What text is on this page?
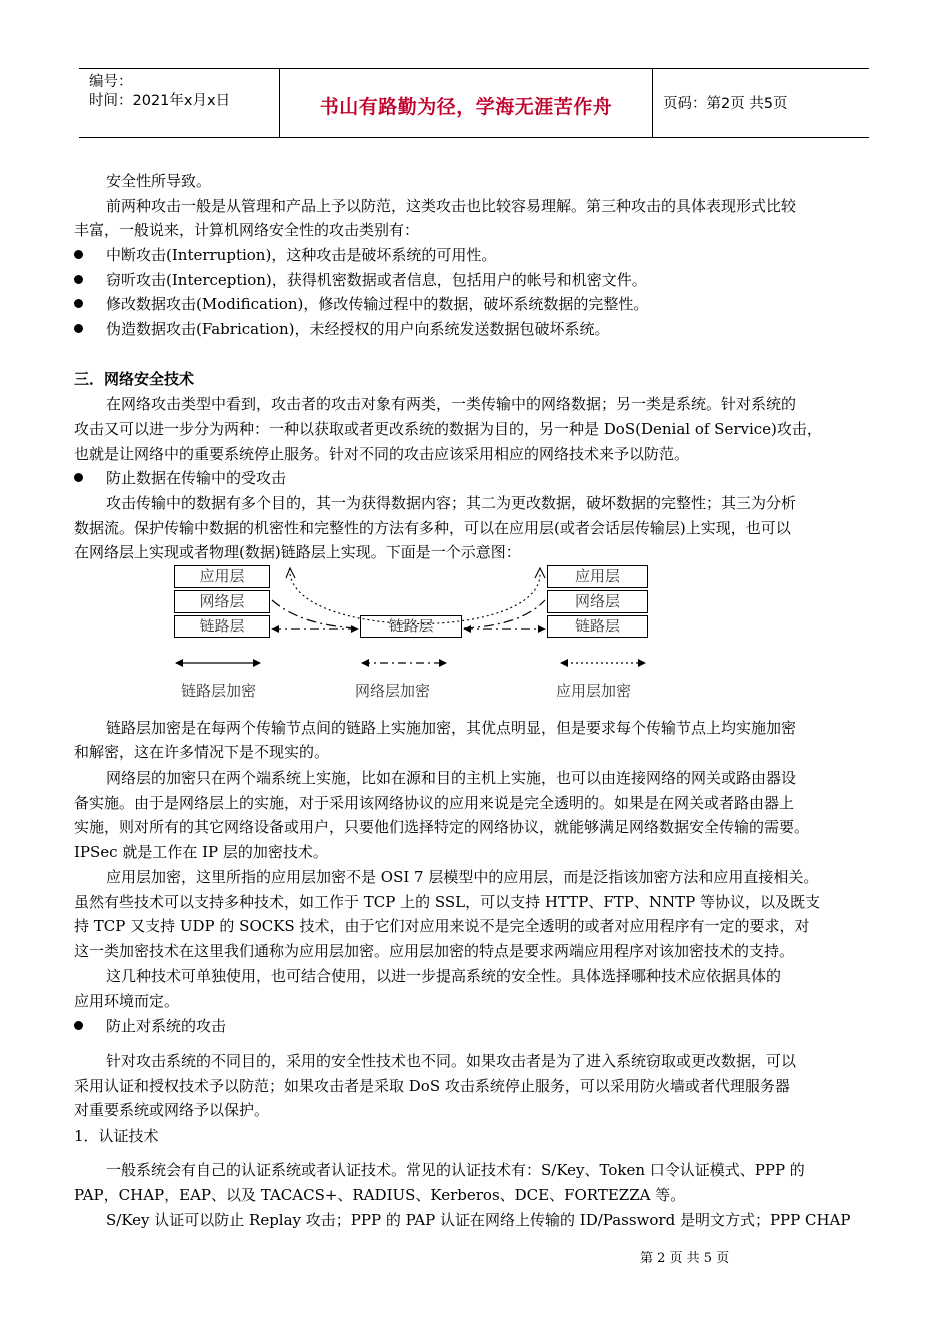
编号：
时间：2021年x月x日	书山有路勤为径，学海无涯苦作舟	页码：第2页 共5页
安全性所导致。
前两种攻击一般是从管理和产品上予以防范，这类攻击也比较容易理解。第三种攻击的具体表现形式比较
丰富，一般说来，计算机网络安全性的攻击类别有：
中断攻击(Interruption)，这种攻击是破坏系统的可用性。
窃听攻击(Interception)，获得机密数据或者信息，包括用户的帐号和机密文件。
修改数据攻击(Modification)，修改传输过程中的数据，破坏系统数据的完整性。
伪造数据攻击(Fabrication)，未经授权的用户向系统发送数据包破坏系统。
三．网络安全技术
在网络攻击类型中看到，攻击者的攻击对象有两类，一类传输中的网络数据；另一类是系统。针对系统的
攻击又可以进一步分为两种：一种以获取或者更改系统的数据为目的，另一种是 DoS(Denial of Service)攻击，
也就是让网络中的重要系统停止服务。针对不同的攻击应该采用相应的网络技术来予以防范。
防止数据在传输中的受攻击
攻击传输中的数据有多个目的，其一为获得数据内容；其二为更改数据，破坏数据的完整性；其三为分析
数据流。保护传输中数据的机密性和完整性的方法有多种，可以在应用层(或者会话层传输层)上实现，也可以
在网络层上实现或者物理(数据)链路层上实现。下面是一个示意图：
应用层
网络层
链路层	链路层
应用层
网络层
链路层
链路层加密	网络层加密	应用层加密
链路层加密是在每两个传输节点间的链路上实施加密，其优点明显，但是要求每个传输节点上均实施加密
和解密，这在许多情况下是不现实的。
网络层的加密只在两个端系统上实施，比如在源和目的主机上实施，也可以由连接网络的网关或路由器设
备实施。由于是网络层上的实施，对于采用该网络协议的应用来说是完全透明的。如果是在网关或者路由器上
实施，则对所有的其它网络设备或用户，只要他们选择特定的网络协议，就能够满足网络数据安全传输的需要。
IPSec 就是工作在 IP 层的加密技术。
应用层加密，这里所指的应用层加密不是 OSI 7 层模型中的应用层，而是泛指该加密方法和应用直接相关。
虽然有些技术可以支持多种技术，如工作于 TCP 上的 SSL，可以支持 HTTP、FTP、NNTP 等协议，以及既支
持 TCP 又支持 UDP 的 SOCKS 技术，由于它们对应用来说不是完全透明的或者对应用程序有一定的要求，对
这一类加密技术在这里我们通称为应用层加密。应用层加密的特点是要求两端应用程序对该加密技术的支持。
这几种技术可单独使用，也可结合使用，以进一步提高系统的安全性。具体选择哪种技术应依据具体的
应用环境而定。
防止对系统的攻击
针对攻击系统的不同目的，采用的安全性技术也不同。如果攻击者是为了进入系统窃取或更改数据，可以
采用认证和授权技术予以防范；如果攻击者是采取 DoS 攻击系统停止服务，可以采用防火墙或者代理服务器
对重要系统或网络予以保护。
1．认证技术
一般系统会有自己的认证系统或者认证技术。常见的认证技术有：S/Key、Token 口令认证模式、PPP 的
PAP，CHAP，EAP、以及 TACACS+、RADIUS、Kerberos、DCE、FORTEZZA 等。
S/Key 认证可以防止 Replay 攻击；PPP 的 PAP 认证在网络上传输的 ID/Password 是明文方式；PPP CHAP
第 2 页 共 5 页
